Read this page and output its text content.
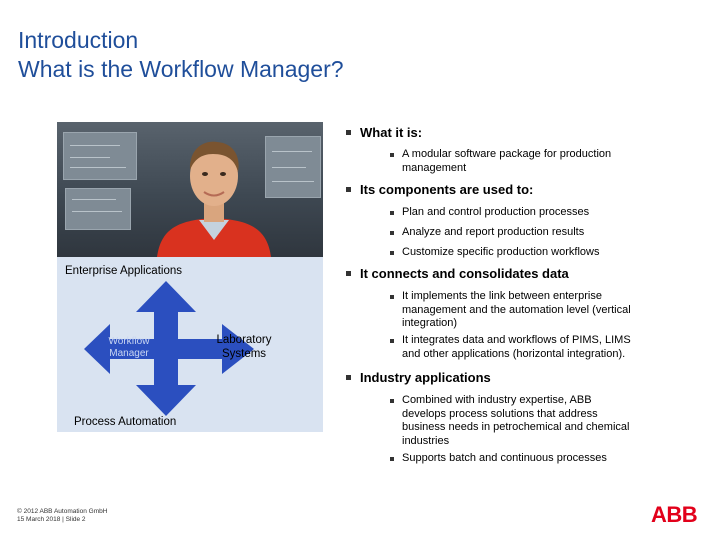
Introduction
What is the Workflow Manager?
Enterprise Applications
Workflow
Manager
Laboratory
Systems
Process Automation
What it is:
A modular software package for production
management
Its components are used to:
Plan and control production processes
Analyze and report production results
Customize specific production workflows
It connects and consolidates data
It implements the link between enterprise
management and the automation level (vertical
integration)
It integrates data and workflows of PIMS, LIMS
and other applications (horizontal integration).
Industry applications
Combined with industry expertise, ABB
develops process solutions that address
business needs in petrochemical and chemical
industries
Supports batch and continuous processes
© 2012 ABB Automation GmbH
15 March 2018 | Slide 2	ABB
